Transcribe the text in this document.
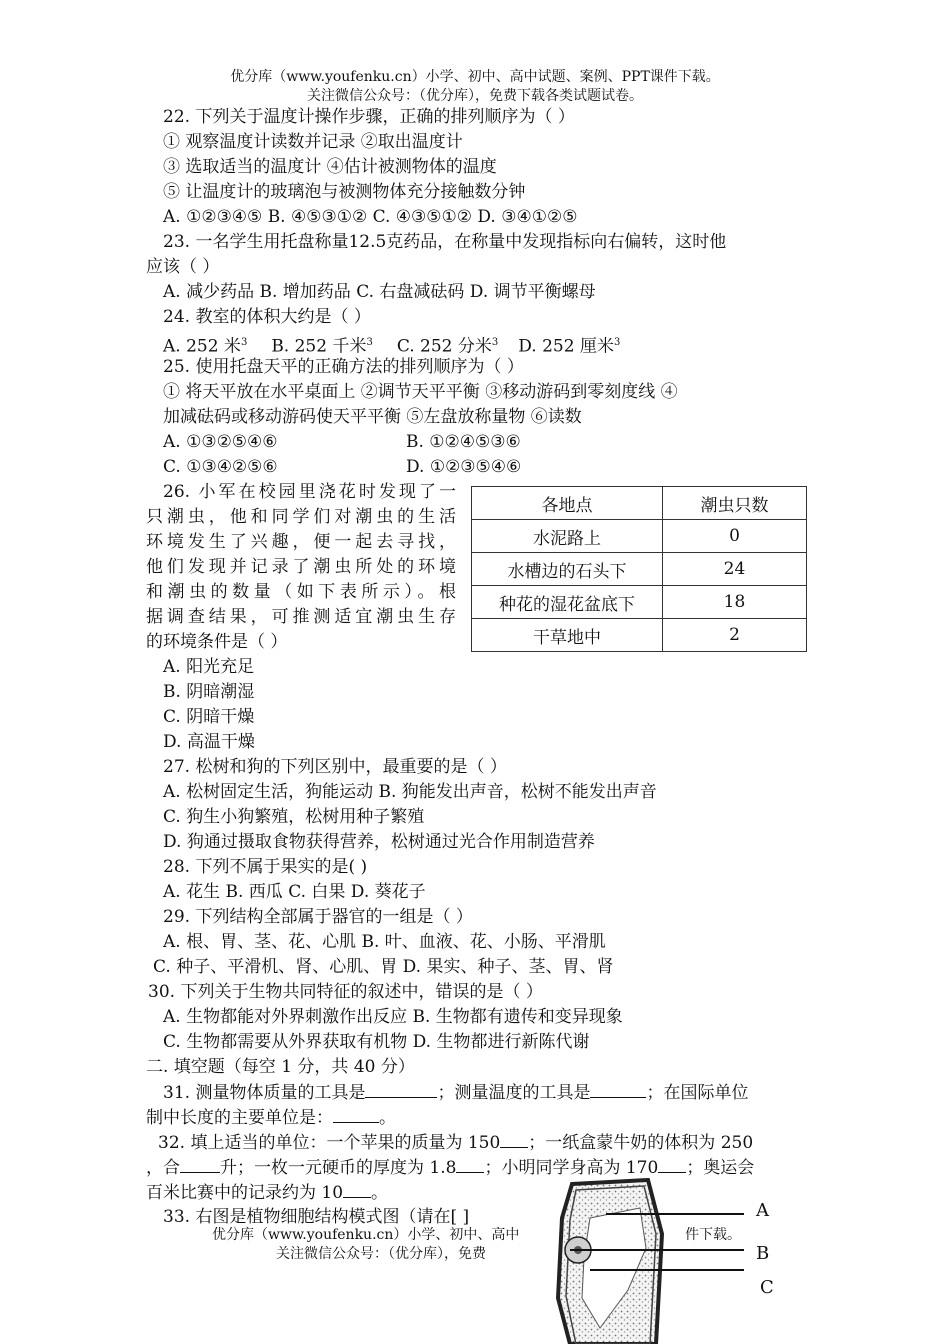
优分库（www.youfenku.cn）小学、初中、高中试题、案例、PPT课件下载。
关注微信公众号：（优分库），免费下载各类试题试卷。
22. 下列关于温度计操作步骤，正确的排列顺序为（ ）
① 观察温度计读数并记录 ②取出温度计
③ 选取适当的温度计 ④估计被测物体的温度
⑤ 让温度计的玻璃泡与被测物体充分接触数分钟
A. ①②③④⑤ B. ④⑤③①② C. ④③⑤①② D. ③④①②⑤
23. 一名学生用托盘称量12.5克药品，在称量中发现指标向右偏转，这时他
应该（ ）
A. 减少药品 B. 增加药品 C. 右盘减砝码 D. 调节平衡螺母
24. 教室的体积大约是（ ）
A. 252 米$^3$ B. 252 千米$^3$ C. 252 分米$^3$ D. 252 厘米$^3$
25. 使用托盘天平的正确方法的排列顺序为（ ）
① 将天平放在水平桌面上 ②调节天平平衡 ③移动游码到零刻度线 ④
加减砝码或移动游码使天平平衡 ⑤左盘放称量物 ⑥读数
A. ①③②⑤④⑥	B. ①②④⑤③⑥
C. ①③④②⑤⑥	D. ①②③⑤④⑥
26. 小军在校园里浇花时发现了一
只潮虫，他和同学们对潮虫的生活
环境发生了兴趣，便一起去寻找，
他们发现并记录了潮虫所处的环境
和潮虫的数量（如下表所示）。根
据调查结果，可推测适宜潮虫生存
的环境条件是（ ）
各地点	潮虫只数
水泥路上	0
水槽边的石头下	24
种花的湿花盆底下	18
干草地中	2
A. 阳光充足
B. 阴暗潮湿
C. 阴暗干燥
D. 高温干燥
27. 松树和狗的下列区别中，最重要的是（ ）
A. 松树固定生活，狗能运动 B. 狗能发出声音，松树不能发出声音
C. 狗生小狗繁殖，松树用种子繁殖
D. 狗通过摄取食物获得营养，松树通过光合作用制造营养
28. 下列不属于果实的是( )
A. 花生 B. 西瓜 C. 白果 D. 葵花子
29. 下列结构全部属于器官的一组是（ ）
A. 根、胃、茎、花、心肌 B. 叶、血液、花、小肠、平滑肌
C. 种子、平滑机、肾、心肌、胃 D. 果实、种子、茎、胃、肾
30. 下列关于生物共同特征的叙述中，错误的是（ ）
A. 生物都能对外界刺激作出反应 B. 生物都有遗传和变异现象
C. 生物都需要从外界获取有机物 D. 生物都进行新陈代谢
二. 填空题（每空 1 分，共 40 分）
31. 测量物体质量的工具是	；测量温度的工具是	；在国际单位
制中长度的主要单位是：	。
32. 填上适当的单位：一个苹果的质量为 150 ；一纸盒蒙牛奶的体积为 250
，合 升；一枚一元硬币的厚度为 1.8 ；小明同学身高为 170 ；奥运会
百米比赛中的记录约为 10 。
33. 右图是植物细胞结构模式图（请在[ ]
优分库（www.youfenku.cn）小学、初中、高中	件下载。
关注微信公众号：（优分库），免费
A
B
C
